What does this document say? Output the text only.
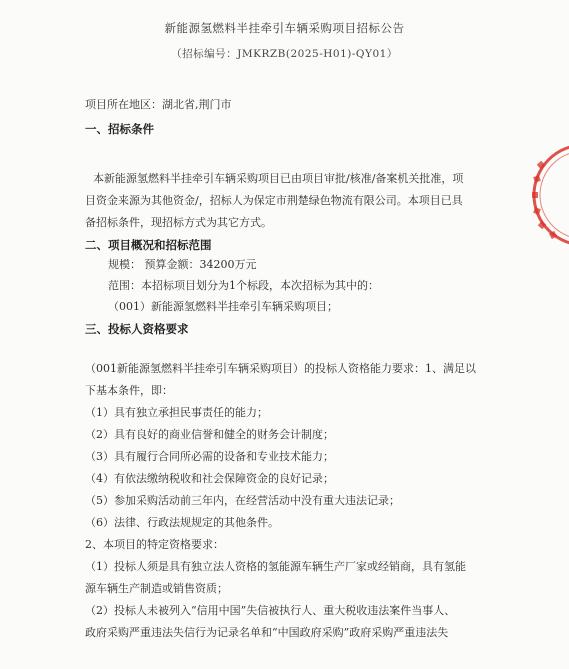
新能源氢燃料半挂牵引车辆采购项目招标公告
（招标编号：JMKRZB(2025-H01)-QY01）
项目所在地区：湖北省,荆门市
一、招标条件
本新能源氢燃料半挂牵引车辆采购项目已由项目审批/核准/备案机关批准，项
目资金来源为其他资金/，招标人为保定市荆楚绿色物流有限公司。本项目已具
备招标条件，现招标方式为其它方式。
二、项目概况和招标范围
规模： 预算金额：34200万元
范围：本招标项目划分为1个标段，本次招标为其中的：
（001）新能源氢燃料半挂牵引车辆采购项目；
三、投标人资格要求
（001新能源氢燃料半挂牵引车辆采购项目）的投标人资格能力要求：1、满足以
下基本条件，即：
（1）具有独立承担民事责任的能力；
（2）具有良好的商业信誉和健全的财务会计制度；
（3）具有履行合同所必需的设备和专业技术能力；
（4）有依法缴纳税收和社会保障资金的良好记录；
（5）参加采购活动前三年内，在经营活动中没有重大违法记录；
（6）法律、行政法规规定的其他条件。
2、本项目的特定资格要求：
（1）投标人须是具有独立法人资格的氢能源车辆生产厂家或经销商，具有氢能
源车辆生产制造或销售资质；
（2）投标人未被列入“信用中国”失信被执行人、重大税收违法案件当事人、
政府采购严重违法失信行为记录名单和“中国政府采购”政府采购严重违法失
